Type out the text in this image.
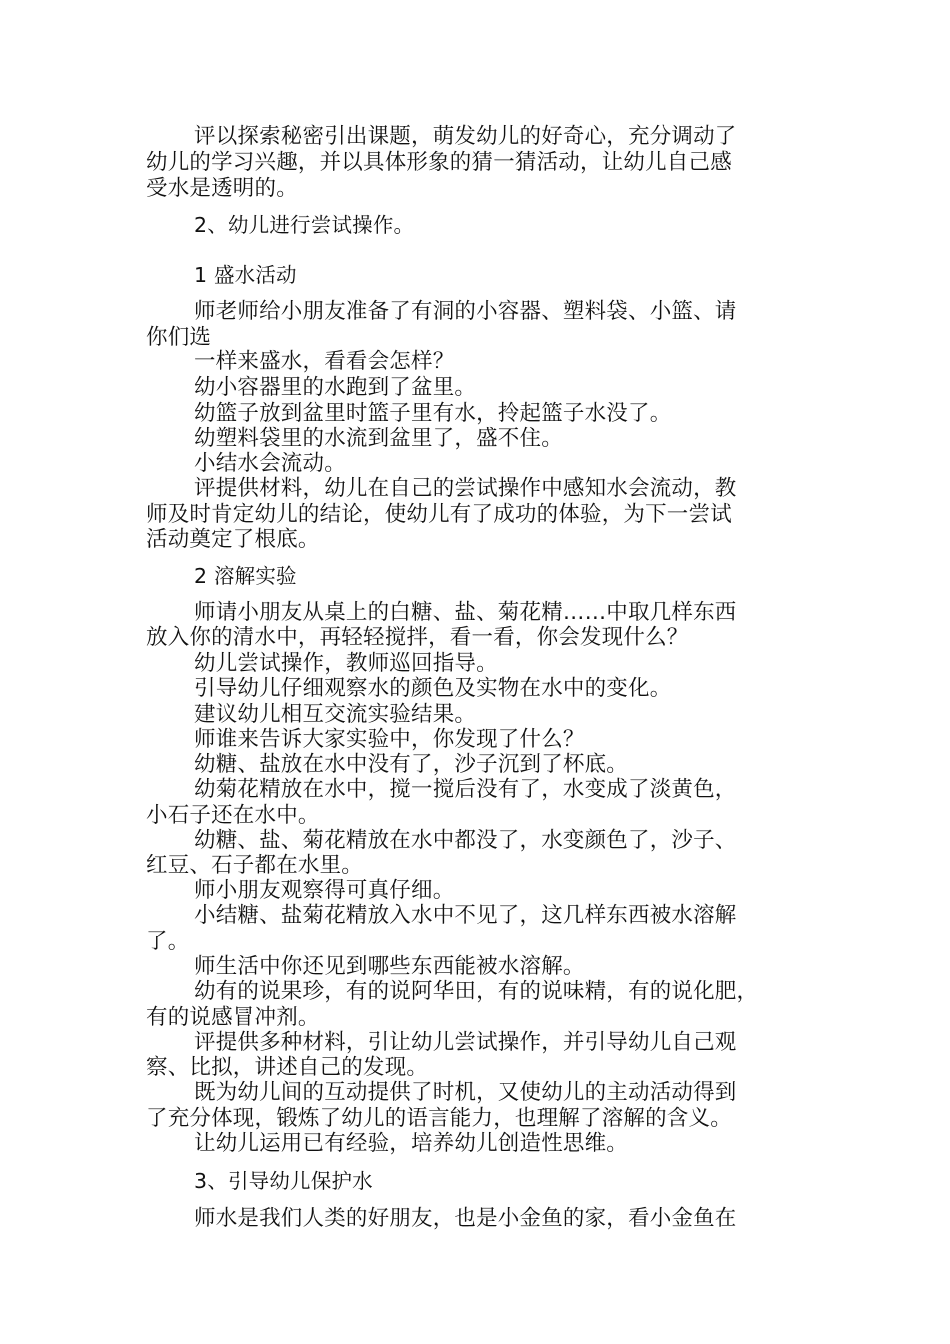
评以探索秘密引出课题，萌发幼儿的好奇心，充分调动了
幼儿的学习兴趣，并以具体形象的猜一猜活动，让幼儿自己感
受水是透明的。
2、幼儿进行尝试操作。
1 盛水活动
师老师给小朋友准备了有洞的小容器、塑料袋、小篮、请
你们选
一样来盛水，看看会怎样？
幼小容器里的水跑到了盆里。
幼篮子放到盆里时篮子里有水，拎起篮子水没了。
幼塑料袋里的水流到盆里了，盛不住。
小结水会流动。
评提供材料，幼儿在自己的尝试操作中感知水会流动，教
师及时肯定幼儿的结论，使幼儿有了成功的体验，为下一尝试
活动奠定了根底。
2 溶解实验
师请小朋友从桌上的白糖、盐、菊花精……中取几样东西
放入你的清水中，再轻轻搅拌，看一看，你会发现什么？
幼儿尝试操作，教师巡回指导。
引导幼儿仔细观察水的颜色及实物在水中的变化。
建议幼儿相互交流实验结果。
师谁来告诉大家实验中，你发现了什么？
幼糖、盐放在水中没有了，沙子沉到了杯底。
幼菊花精放在水中，搅一搅后没有了，水变成了淡黄色，
小石子还在水中。
幼糖、盐、菊花精放在水中都没了，水变颜色了，沙子、
红豆、石子都在水里。
师小朋友观察得可真仔细。
小结糖、盐菊花精放入水中不见了，这几样东西被水溶解
了。
师生活中你还见到哪些东西能被水溶解。
幼有的说果珍，有的说阿华田，有的说味精，有的说化肥，
有的说感冒冲剂。
评提供多种材料，引让幼儿尝试操作，并引导幼儿自己观
察、比拟，讲述自己的发现。
既为幼儿间的互动提供了时机，又使幼儿的主动活动得到
了充分体现，锻炼了幼儿的语言能力，也理解了溶解的含义。
让幼儿运用已有经验，培养幼儿创造性思维。
3、引导幼儿保护水
师水是我们人类的好朋友，也是小金鱼的家，看小金鱼在
